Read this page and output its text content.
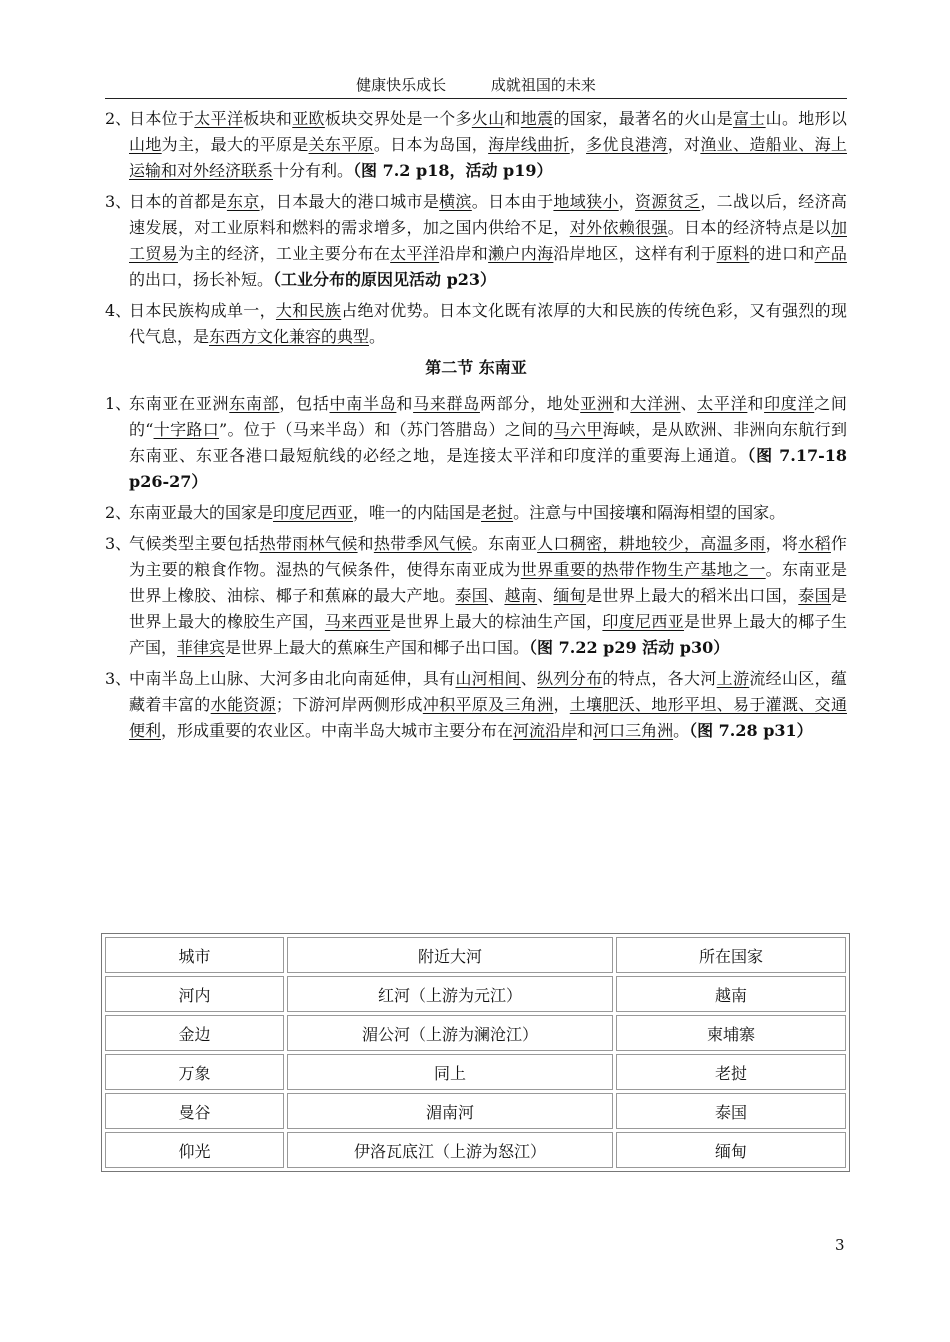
健康快乐成长	成就祖国的未来
2、
日本位于太平洋板块和亚欧板块交界处是一个多火山和地震的国家，最著名的火山是富士山。地形以山地为主，最大的平原是关东平原。日本为岛国，海岸线曲折，多优良港湾，对渔业、造船业、海上运输和对外经济联系十分有利。（图 7.2 p18，活动 p19）
3、
日本的首都是东京，日本最大的港口城市是横滨。日本由于地域狭小，资源贫乏，二战以后，经济高速发展，对工业原料和燃料的需求增多，加之国内供给不足，对外依赖很强。日本的经济特点是以加工贸易为主的经济，工业主要分布在太平洋沿岸和濑户内海沿岸地区，这样有利于原料的进口和产品的出口，扬长补短。（工业分布的原因见活动 p23）
4、
日本民族构成单一，大和民族占绝对优势。日本文化既有浓厚的大和民族的传统色彩，又有强烈的现代气息，是东西方文化兼容的典型。
第二节 东南亚
1、
东南亚在亚洲东南部，包括中南半岛和马来群岛两部分，地处亚洲和大洋洲、太平洋和印度洋之间的“十字路口”。位于（马来半岛）和（苏门答腊岛）之间的马六甲海峡，是从欧洲、非洲向东航行到东南亚、东亚各港口最短航线的必经之地，是连接太平洋和印度洋的重要海上通道。（图 7.17-18 p26-27）
2、
东南亚最大的国家是印度尼西亚，唯一的内陆国是老挝。注意与中国接壤和隔海相望的国家。
3、
气候类型主要包括热带雨林气候和热带季风气候。东南亚人口稠密，耕地较少，高温多雨，将水稻作为主要的粮食作物。湿热的气候条件，使得东南亚成为世界重要的热带作物生产基地之一。东南亚是世界上橡胶、油棕、椰子和蕉麻的最大产地。泰国、越南、缅甸是世界上最大的稻米出口国，泰国是世界上最大的橡胶生产国，马来西亚是世界上最大的棕油生产国，印度尼西亚是世界上最大的椰子生产国，菲律宾是世界上最大的蕉麻生产国和椰子出口国。（图 7.22 p29 活动 p30）
3、
中南半岛上山脉、大河多由北向南延伸，具有山河相间、纵列分布的特点，各大河上游流经山区，蕴藏着丰富的水能资源；下游河岸两侧形成冲积平原及三角洲，土壤肥沃、地形平坦、易于灌溉、交通便利，形成重要的农业区。中南半岛大城市主要分布在河流沿岸和河口三角洲。（图 7.28 p31）
城市	附近大河	所在国家
河内	红河（上游为元江）	越南
金边	湄公河（上游为澜沧江）	柬埔寨
万象	同上	老挝
曼谷	湄南河	泰国
仰光	伊洛瓦底江（上游为怒江）	缅甸
3
